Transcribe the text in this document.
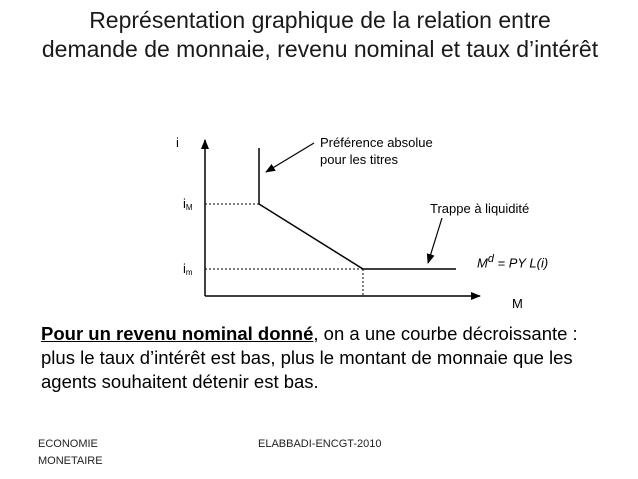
Représentation graphique de la relation entre demande de monnaie, revenu nominal et taux d’intérêt
i
$i_M$
$i_m$
M
Préférence absolue
pour les titres
Trappe à liquidité
$M^d$ = PY L(i)
Pour un revenu nominal donné, on a une courbe décroissante : plus le taux d’intérêt est bas, plus le montant de monnaie que les agents souhaitent détenir est bas.
ECONOMIE
MONETAIRE
ELABBADI-ENCGT-2010
